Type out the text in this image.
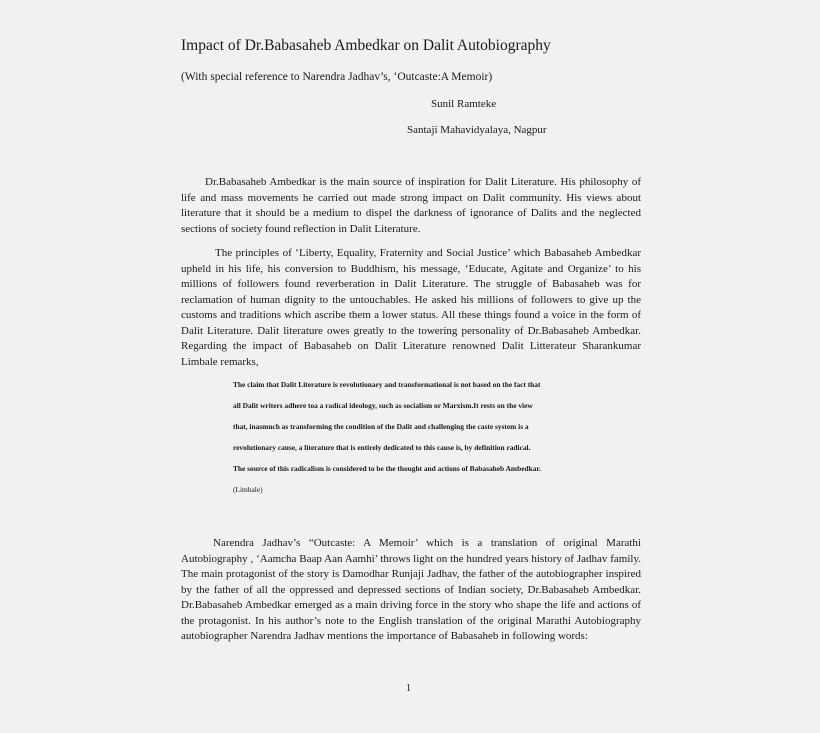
Impact of Dr.Babasaheb Ambedkar on Dalit Autobiography
(With special reference to Narendra Jadhav’s, ‘Outcaste:A Memoir)
Sunil Ramteke
Santaji Mahavidyalaya, Nagpur

Dr.Babasaheb Ambedkar is the main source of inspiration for Dalit Literature. His philosophy of life and mass movements he carried out made strong impact on Dalit community. His views about literature that it should be a medium to dispel the darkness of ignorance of Dalits and the neglected sections of society found reflection in Dalit Literature.

The principles of ‘Liberty, Equality, Fraternity and Social Justice’ which Babasaheb Ambedkar upheld in his life, his conversion to Buddhism, his message, ‘Educate, Agitate and Organize’ to his millions of followers found reverberation in Dalit Literature. The struggle of Babasaheb was for reclamation of human dignity to the untouchables. He asked his millions of followers to give up the customs and traditions which ascribe them a lower status. All these things found a voice in the form of Dalit Literature. Dalit literature owes greatly to the towering personality of Dr.Babasaheb Ambedkar. Regarding the impact of Babasaheb on Dalit Literature renowned Dalit Litterateur Sharankumar Limbale remarks,

The claim that Dalit Literature is revolutionary and transformational is not based on the fact that
all Dalit writers adhere toa a radical ideology, such as socialism or Marxism.It rests on the view
that, inasmuch as transforming the condition of the Dalit and challenging the caste system is a
revolutionary cause, a literature that is entirely dedicated to this cause is, by definition radical.
The source of this radicalism is considered to be the thought and actions of Babasaheb Ambedkar.
(Limbale)

Narendra Jadhav’s “Outcaste: A Memoir’ which is a translation of original Marathi Autobiography , ‘Aamcha Baap Aan Aamhi’ throws light on the hundred years history of Jadhav family. The main protagonist of the story is Damodhar Runjaji Jadhav, the father of the autobiographer inspired by the father of all the oppressed and depressed sections of Indian society, Dr.Babasaheb Ambedkar. Dr.Babasaheb Ambedkar emerged as a main driving force in the story who shape the life and actions of the protagonist. In his author’s note to the English translation of the original Marathi Autobiography autobiographer Narendra Jadhav mentions the importance of Babasaheb in following words:

1
